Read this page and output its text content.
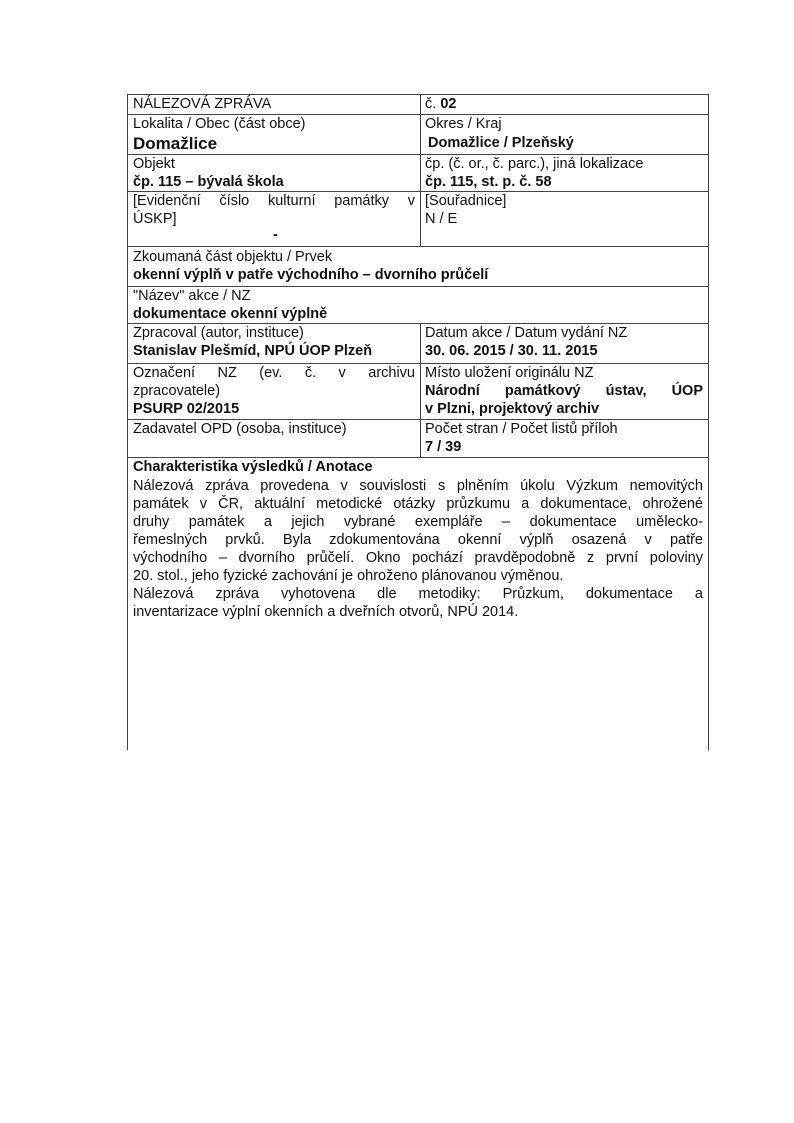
NÁLEZOVÁ ZPRÁVA	č. 02
Lokalita / Obec (část obce)
Domažlice
Okres / Kraj
Domažlice / Plzeňský
Objekt
čp. 115 – bývalá škola
čp. (č. or., č. parc.), jiná lokalizace
čp. 115, st. p. č. 58
[Evidenční číslo kulturní památky v
ÚSKP]
-
[Souřadnice]
N / E
Zkoumaná část objektu / Prvek
okenní výplň v patře východního – dvorního průčelí
"Název" akce / NZ
dokumentace okenní výplně
Zpracoval (autor, instituce)
Stanislav Plešmíd, NPÚ ÚOP Plzeň
Datum akce / Datum vydání NZ
30. 06. 2015 / 30. 11. 2015
Označení NZ (ev. č. v archivu
zpracovatele)
PSURP 02/2015
Místo uložení originálu NZ
Národní památkový ústav, ÚOP
v Plzni, projektový archiv
Zadavatel OPD (osoba, instituce)	Počet stran / Počet listů příloh
7 / 39
Charakteristika výsledků / Anotace
Nálezová zpráva provedena v souvislosti s plněním úkolu Výzkum nemovitých
památek v ČR, aktuální metodické otázky průzkumu a dokumentace, ohrožené
druhy památek a jejich vybrané exempláře – dokumentace umělecko-
řemeslných prvků. Byla zdokumentována okenní výplň osazená v patře
východního – dvorního průčelí. Okno pochází pravděpodobně z první poloviny
20. stol., jeho fyzické zachování je ohroženo plánovanou výměnou.
Nálezová zpráva vyhotovena dle metodiky: Průzkum, dokumentace a
inventarizace výplní okenních a dveřních otvorů, NPÚ 2014.
